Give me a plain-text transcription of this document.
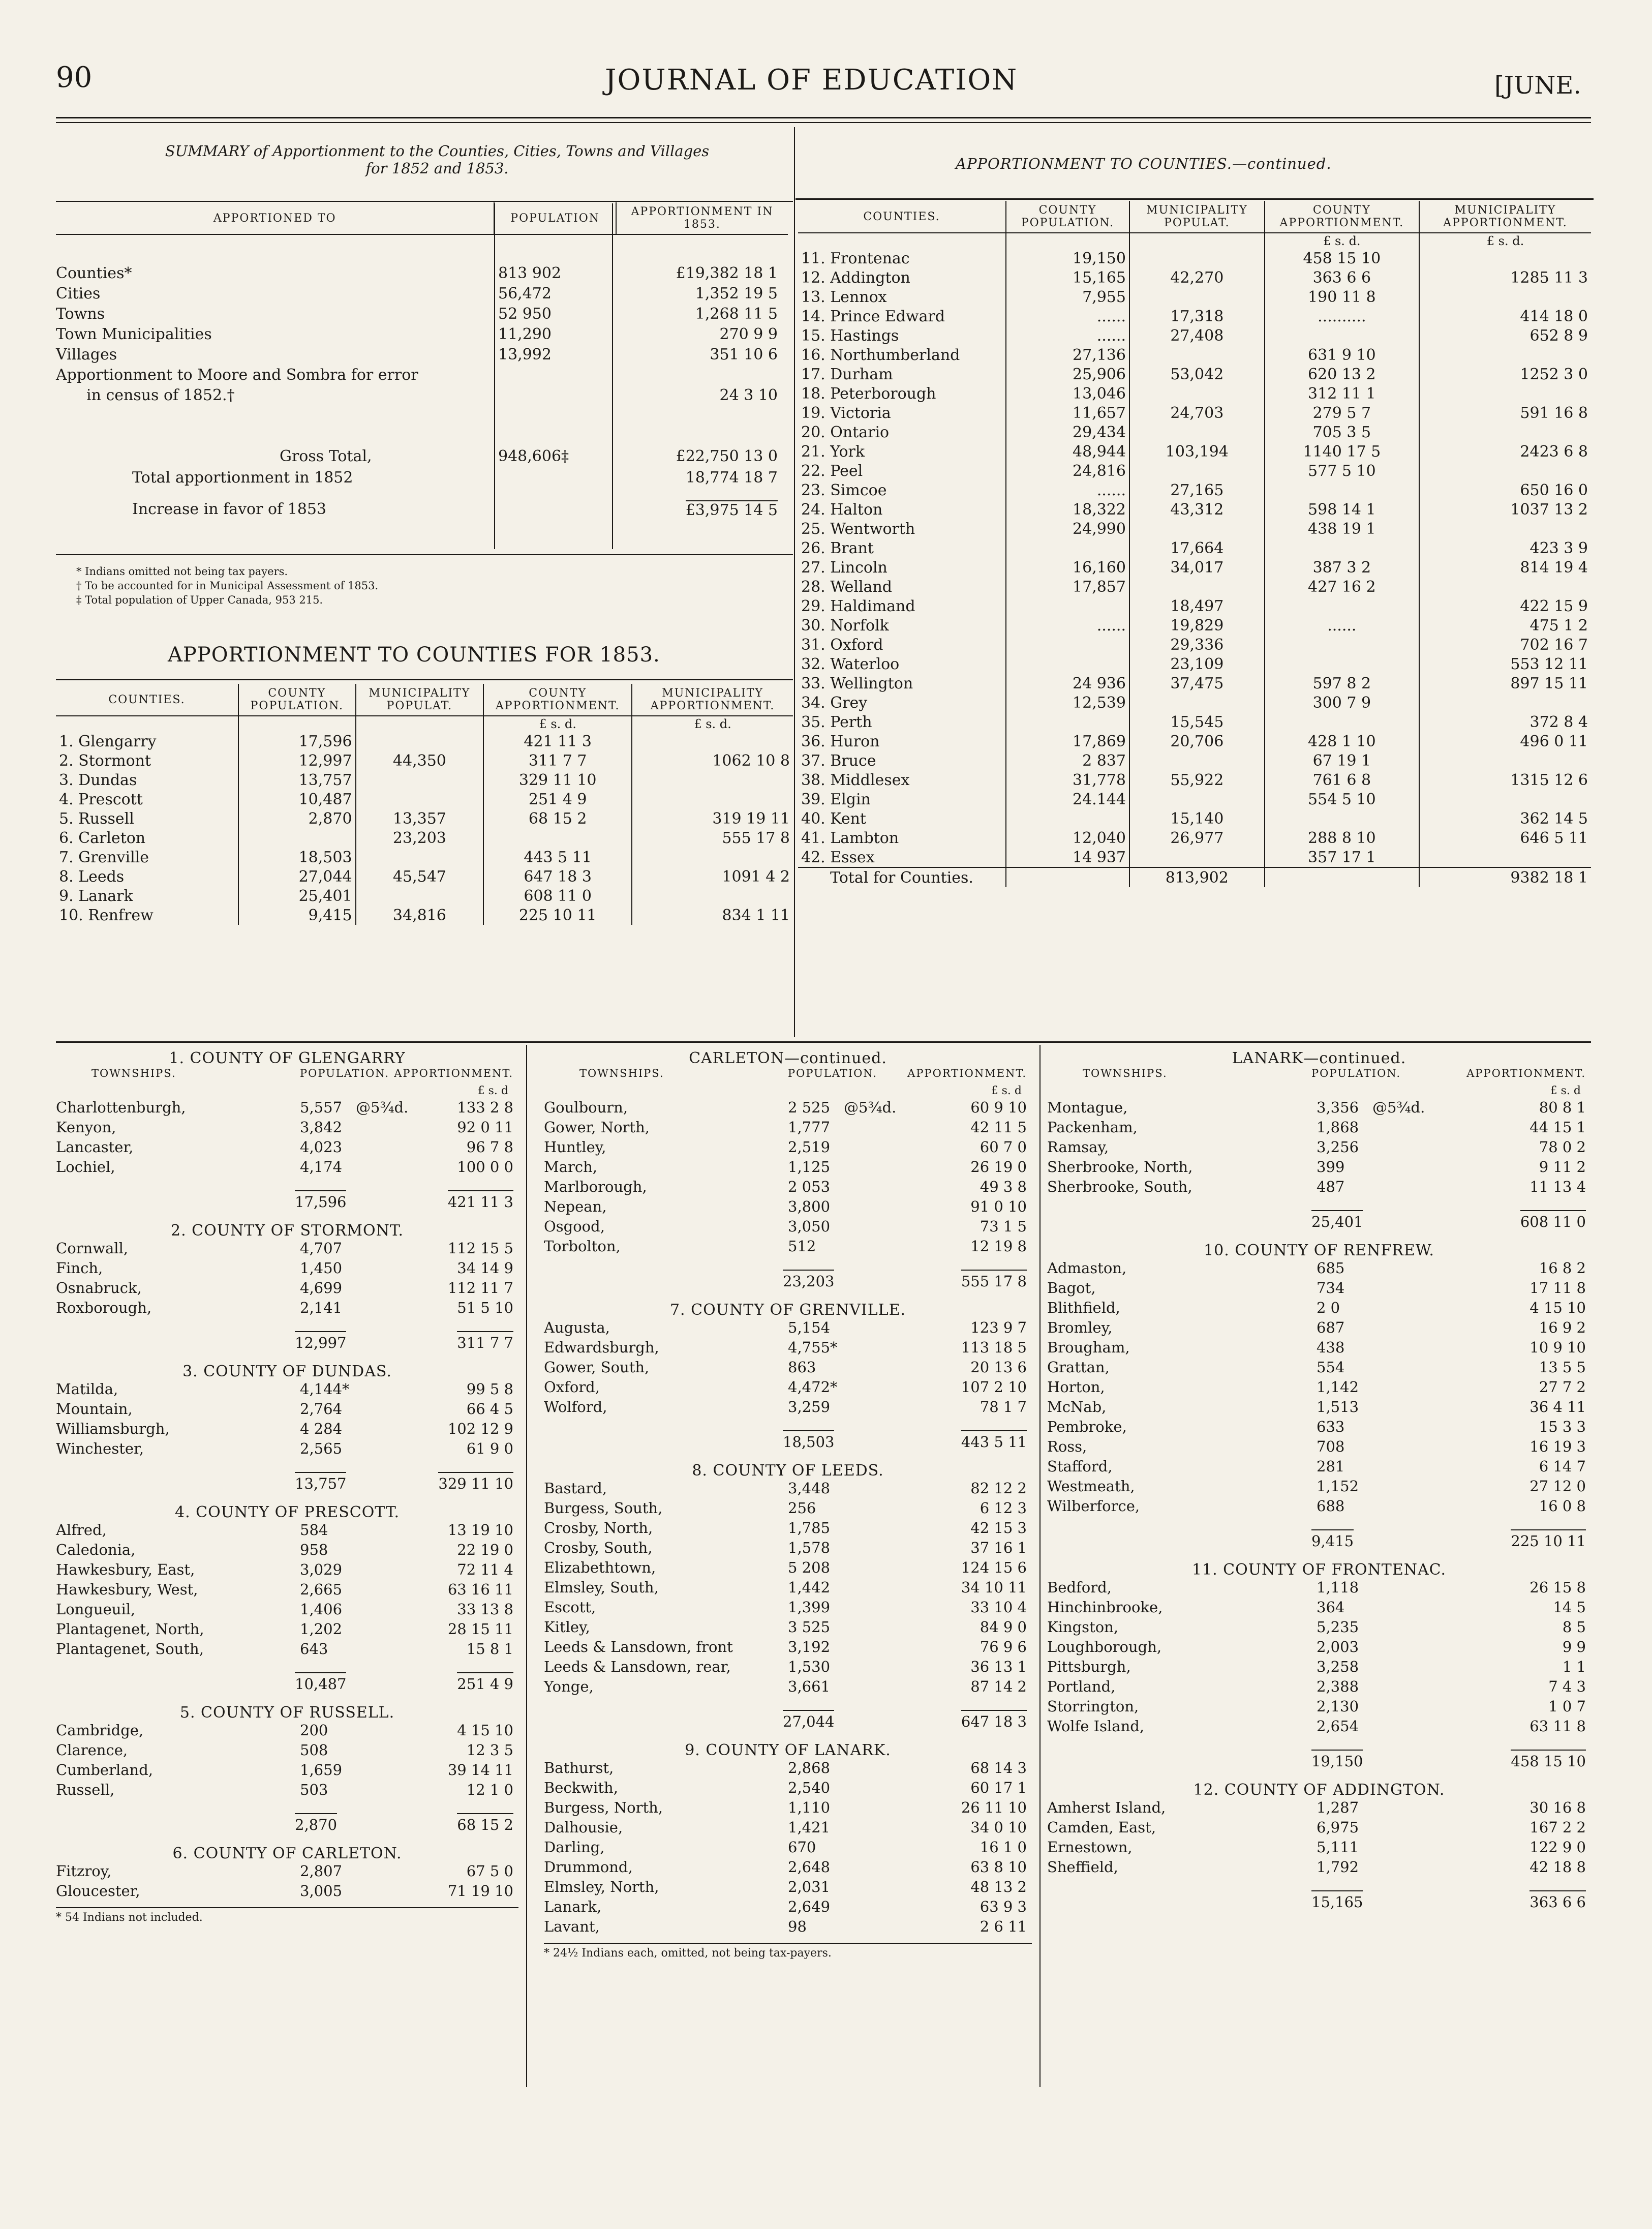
90	JOURNAL OF EDUCATION	[JUNE.
SUMMARY of Apportionment to the Counties, Cities, Towns and Villages
for 1852 and 1853.
APPORTIONED TO	POPULATION	APPORTIONMENT IN 1853.
Counties*	813 902	£19,382 18 1
Cities	56,472	1,352 19 5
Towns	52 950	1,268 11 5
Town Municipalities	11,290	270 9 9
Villages	13,992	351 10 6
Apportionment to Moore and Sombra for error
in census of 1852.†	24 3 10
Gross Total,	948,606‡	£22,750 13 0
Total apportionment in 1852	18,774 18 7
Increase in favor of 1853	£3,975 14 5
* Indians omitted not being tax payers.
† To be accounted for in Municipal Assessment of 1853.
‡ Total population of Upper Canada, 953 215.
APPORTIONMENT TO COUNTIES FOR 1853.
COUNTIES.	COUNTY POPULATION.	MUNICIPALITY POPULAT.	COUNTY APPORTIONMENT.	MUNICIPALITY APPORTIONMENT.
			£ s. d.	£ s. d.
1. Glengarry	17,596		421 11 3	
2. Stormont	12,997	44,350	311 7 7	1062 10 8
3. Dundas	13,757		329 11 10	
4. Prescott	10,487		251 4 9	
5. Russell	2,870	13,357	68 15 2	319 19 11
6. Carleton		23,203		555 17 8
7. Grenville	18,503		443 5 11	
8. Leeds	27,044	45,547	647 18 3	1091 4 2
9. Lanark	25,401		608 11 0	
10. Renfrew	9,415	34,816	225 10 11	834 1 11
APPORTIONMENT TO COUNTIES.—continued.
COUNTIES.	COUNTY POPULATION.	MUNICIPALITY POPULAT.	COUNTY APPORTIONMENT.	MUNICIPALITY APPORTIONMENT.
			£ s. d.	£ s. d.
11. Frontenac	19,150		458 15 10	
12. Addington	15,165	42,270	363 6 6	1285 11 3
13. Lennox	7,955		190 11 8	
14. Prince Edward	......	17,318	..........	414 18 0
15. Hastings	......	27,408		652 8 9
16. Northumberland	27,136		631 9 10	
17. Durham	25,906	53,042	620 13 2	1252 3 0
18. Peterborough	13,046		312 11 1	
19. Victoria	11,657	24,703	279 5 7	591 16 8
20. Ontario	29,434		705 3 5	
21. York	48,944	103,194	1140 17 5	2423 6 8
22. Peel	24,816		577 5 10	
23. Simcoe	......	27,165		650 16 0
24. Halton	18,322	43,312	598 14 1	1037 13 2
25. Wentworth	24,990		438 19 1	
26. Brant		17,664		423 3 9
27. Lincoln	16,160	34,017	387 3 2	814 19 4
28. Welland	17,857		427 16 2	
29. Haldimand		18,497		422 15 9
30. Norfolk	......	19,829	......	475 1 2
31. Oxford		29,336		702 16 7
32. Waterloo		23,109		553 12 11
33. Wellington	24 936	37,475	597 8 2	897 15 11
34. Grey	12,539		300 7 9	
35. Perth		15,545		372 8 4
36. Huron	17,869	20,706	428 1 10	496 0 11
37. Bruce	2 837		67 19 1	
38. Middlesex	31,778	55,922	761 6 8	1315 12 6
39. Elgin	24.144		554 5 10	
40. Kent		15,140		362 14 5
41. Lambton	12,040	26,977	288 8 10	646 5 11
42. Essex	14 937		357 17 1	
Total for Counties.		813,902		9382 18 1
1. COUNTY OF GLENGARRY
TOWNSHIPS.	POPULATION. APPORTIONMENT.
£ s. d
Charlottenburgh,	5,557 @5¾d.	133 2 8
Kenyon,	3,842	92 0 11
Lancaster,	4,023	96 7 8
Lochiel,	4,174	100 0 0
17,596	421 11 3
2. COUNTY OF STORMONT.
Cornwall,	4,707	112 15 5
Finch,	1,450	34 14 9
Osnabruck,	4,699	112 11 7
Roxborough,	2,141	51 5 10
12,997	311 7 7
3. COUNTY OF DUNDAS.
Matilda,	4,144*	99 5 8
Mountain,	2,764	66 4 5
Williamsburgh,	4 284	102 12 9
Winchester,	2,565	61 9 0
13,757	329 11 10
4. COUNTY OF PRESCOTT.
Alfred,	584	13 19 10
Caledonia,	958	22 19 0
Hawkesbury, East,	3,029	72 11 4
Hawkesbury, West,	2,665	63 16 11
Longueuil,	1,406	33 13 8
Plantagenet, North,	1,202	28 15 11
Plantagenet, South,	643	15 8 1
10,487	251 4 9
5. COUNTY OF RUSSELL.
Cambridge,	200	4 15 10
Clarence,	508	12 3 5
Cumberland,	1,659	39 14 11
Russell,	503	12 1 0
2,870	68 15 2
6. COUNTY OF CARLETON.
Fitzroy,	2,807	67 5 0
Gloucester,	3,005	71 19 10
* 54 Indians not included.
CARLETON—continued.
TOWNSHIPS.	POPULATION.	APPORTIONMENT.
£ s. d
Goulbourn,	2 525 @5¾d.	60 9 10
Gower, North,	1,777	42 11 5
Huntley,	2,519	60 7 0
March,	1,125	26 19 0
Marlborough,	2 053	49 3 8
Nepean,	3,800	91 0 10
Osgood,	3,050	73 1 5
Torbolton,	512	12 19 8
23,203	555 17 8
7. COUNTY OF GRENVILLE.
Augusta,	5,154	123 9 7
Edwardsburgh,	4,755*	113 18 5
Gower, South,	863	20 13 6
Oxford,	4,472*	107 2 10
Wolford,	3,259	78 1 7
18,503	443 5 11
8. COUNTY OF LEEDS.
Bastard,	3,448	82 12 2
Burgess, South,	256	6 12 3
Crosby, North,	1,785	42 15 3
Crosby, South,	1,578	37 16 1
Elizabethtown,	5 208	124 15 6
Elmsley, South,	1,442	34 10 11
Escott,	1,399	33 10 4
Kitley,	3 525	84 9 0
Leeds & Lansdown, front	3,192	76 9 6
Leeds & Lansdown, rear,	1,530	36 13 1
Yonge,	3,661	87 14 2
27,044	647 18 3
9. COUNTY OF LANARK.
Bathurst,	2,868	68 14 3
Beckwith,	2,540	60 17 1
Burgess, North,	1,110	26 11 10
Dalhousie,	1,421	34 0 10
Darling,	670	16 1 0
Drummond,	2,648	63 8 10
Elmsley, North,	2,031	48 13 2
Lanark,	2,649	63 9 3
Lavant,	98	2 6 11
* 24½ Indians each, omitted, not being tax-payers.
LANARK—continued.
TOWNSHIPS.	POPULATION.	APPORTIONMENT.
£ s. d
Montague,	3,356 @5¾d.	80 8 1
Packenham,	1,868	44 15 1
Ramsay,	3,256	78 0 2
Sherbrooke, North,	399	9 11 2
Sherbrooke, South,	487	11 13 4
25,401	608 11 0
10. COUNTY OF RENFREW.
Admaston,	685	16 8 2
Bagot,	734	17 11 8
Blithfield,	2 0	4 15 10
Bromley,	687	16 9 2
Brougham,	438	10 9 10
Grattan,	554	13 5 5
Horton,	1,142	27 7 2
McNab,	1,513	36 4 11
Pembroke,	633	15 3 3
Ross,	708	16 19 3
Stafford,	281	6 14 7
Westmeath,	1,152	27 12 0
Wilberforce,	688	16 0 8
9,415	225 10 11
11. COUNTY OF FRONTENAC.
Bedford,	1,118	26 15 8
Hinchinbrooke,	364	14 5
Kingston,	5,235	8 5
Loughborough,	2,003	9 9
Pittsburgh,	3,258	1 1
Portland,	2,388	7 4 3
Storrington,	2,130	1 0 7
Wolfe Island,	2,654	63 11 8
19,150	458 15 10
12. COUNTY OF ADDINGTON.
Amherst Island,	1,287	30 16 8
Camden, East,	6,975	167 2 2
Ernestown,	5,111	122 9 0
Sheffield,	1,792	42 18 8
15,165	363 6 6
